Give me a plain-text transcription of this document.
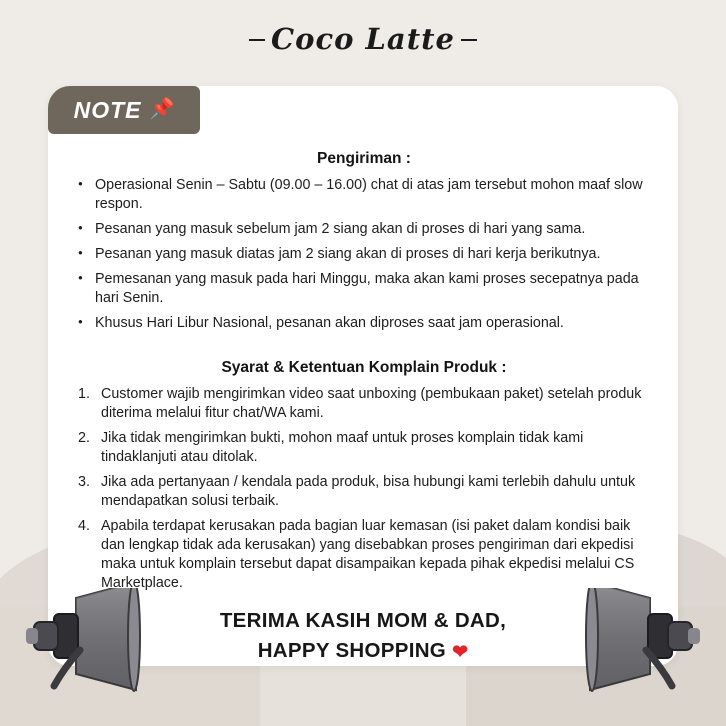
Coco Latte
NOTE 📌
Pengiriman :
● Operasional Senin – Sabtu (09.00 – 16.00) chat di atas jam tersebut mohon maaf slow respon.
● Pesanan yang masuk sebelum jam 2 siang akan di proses di hari yang sama.
● Pesanan yang masuk diatas jam 2 siang akan di proses di hari kerja berikutnya.
● Pemesanan yang masuk pada hari Minggu, maka akan kami proses secepatnya pada hari Senin.
● Khusus Hari Libur Nasional, pesanan akan diproses saat jam operasional.
Syarat & Ketentuan Komplain Produk :
Customer wajib mengirimkan video saat unboxing (pembukaan paket) setelah produk diterima melalui fitur chat/WA kami.
Jika tidak mengirimkan bukti, mohon maaf untuk proses komplain tidak kami tindaklanjuti atau ditolak.
Jika ada pertanyaan / kendala pada produk, bisa hubungi kami terlebih dahulu untuk mendapatkan solusi terbaik.
Apabila terdapat kerusakan pada bagian luar kemasan (isi paket dalam kondisi baik dan lengkap tidak ada kerusakan) yang disebabkan proses pengiriman dari ekpedisi maka untuk komplain tersebut dapat disampaikan kepada pihak ekpedisi melalui CS Marketplace.
TERIMA KASIH MOM & DAD,
HAPPY SHOPPING ❤
